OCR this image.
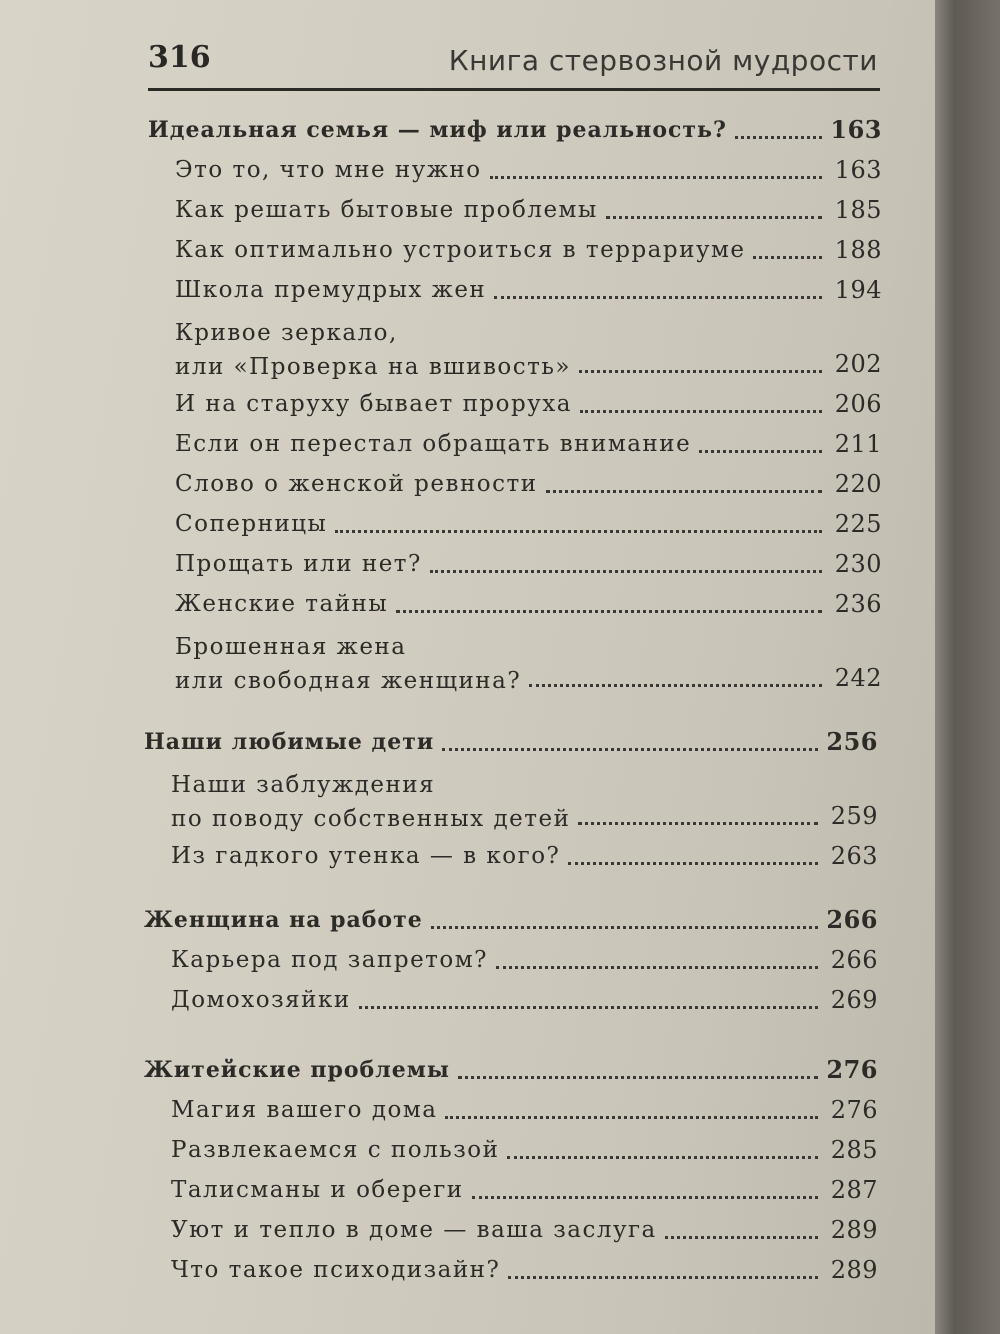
316	Книга стервозной мудрости
Идеальная семья — миф или реальность?	163
Это то, что мне нужно	163
Как решать бытовые проблемы	185
Как оптимально устроиться в террариуме	188
Школа премудрых жен	194
Кривое зеркало,
или «Проверка на вшивость»	202
И на старуху бывает проруха	206
Если он перестал обращать внимание	211
Слово о женской ревности	220
Соперницы	225
Прощать или нет?	230
Женские тайны	236
Брошенная жена
или свободная женщина?	242
Наши любимые дети	256
Наши заблуждения
по поводу собственных детей	259
Из гадкого утенка — в кого?	263
Женщина на работе	266
Карьера под запретом?	266
Домохозяйки	269
Житейские проблемы	276
Магия вашего дома	276
Развлекаемся с пользой	285
Талисманы и обереги	287
Уют и тепло в доме — ваша заслуга	289
Что такое психодизайн?	289
